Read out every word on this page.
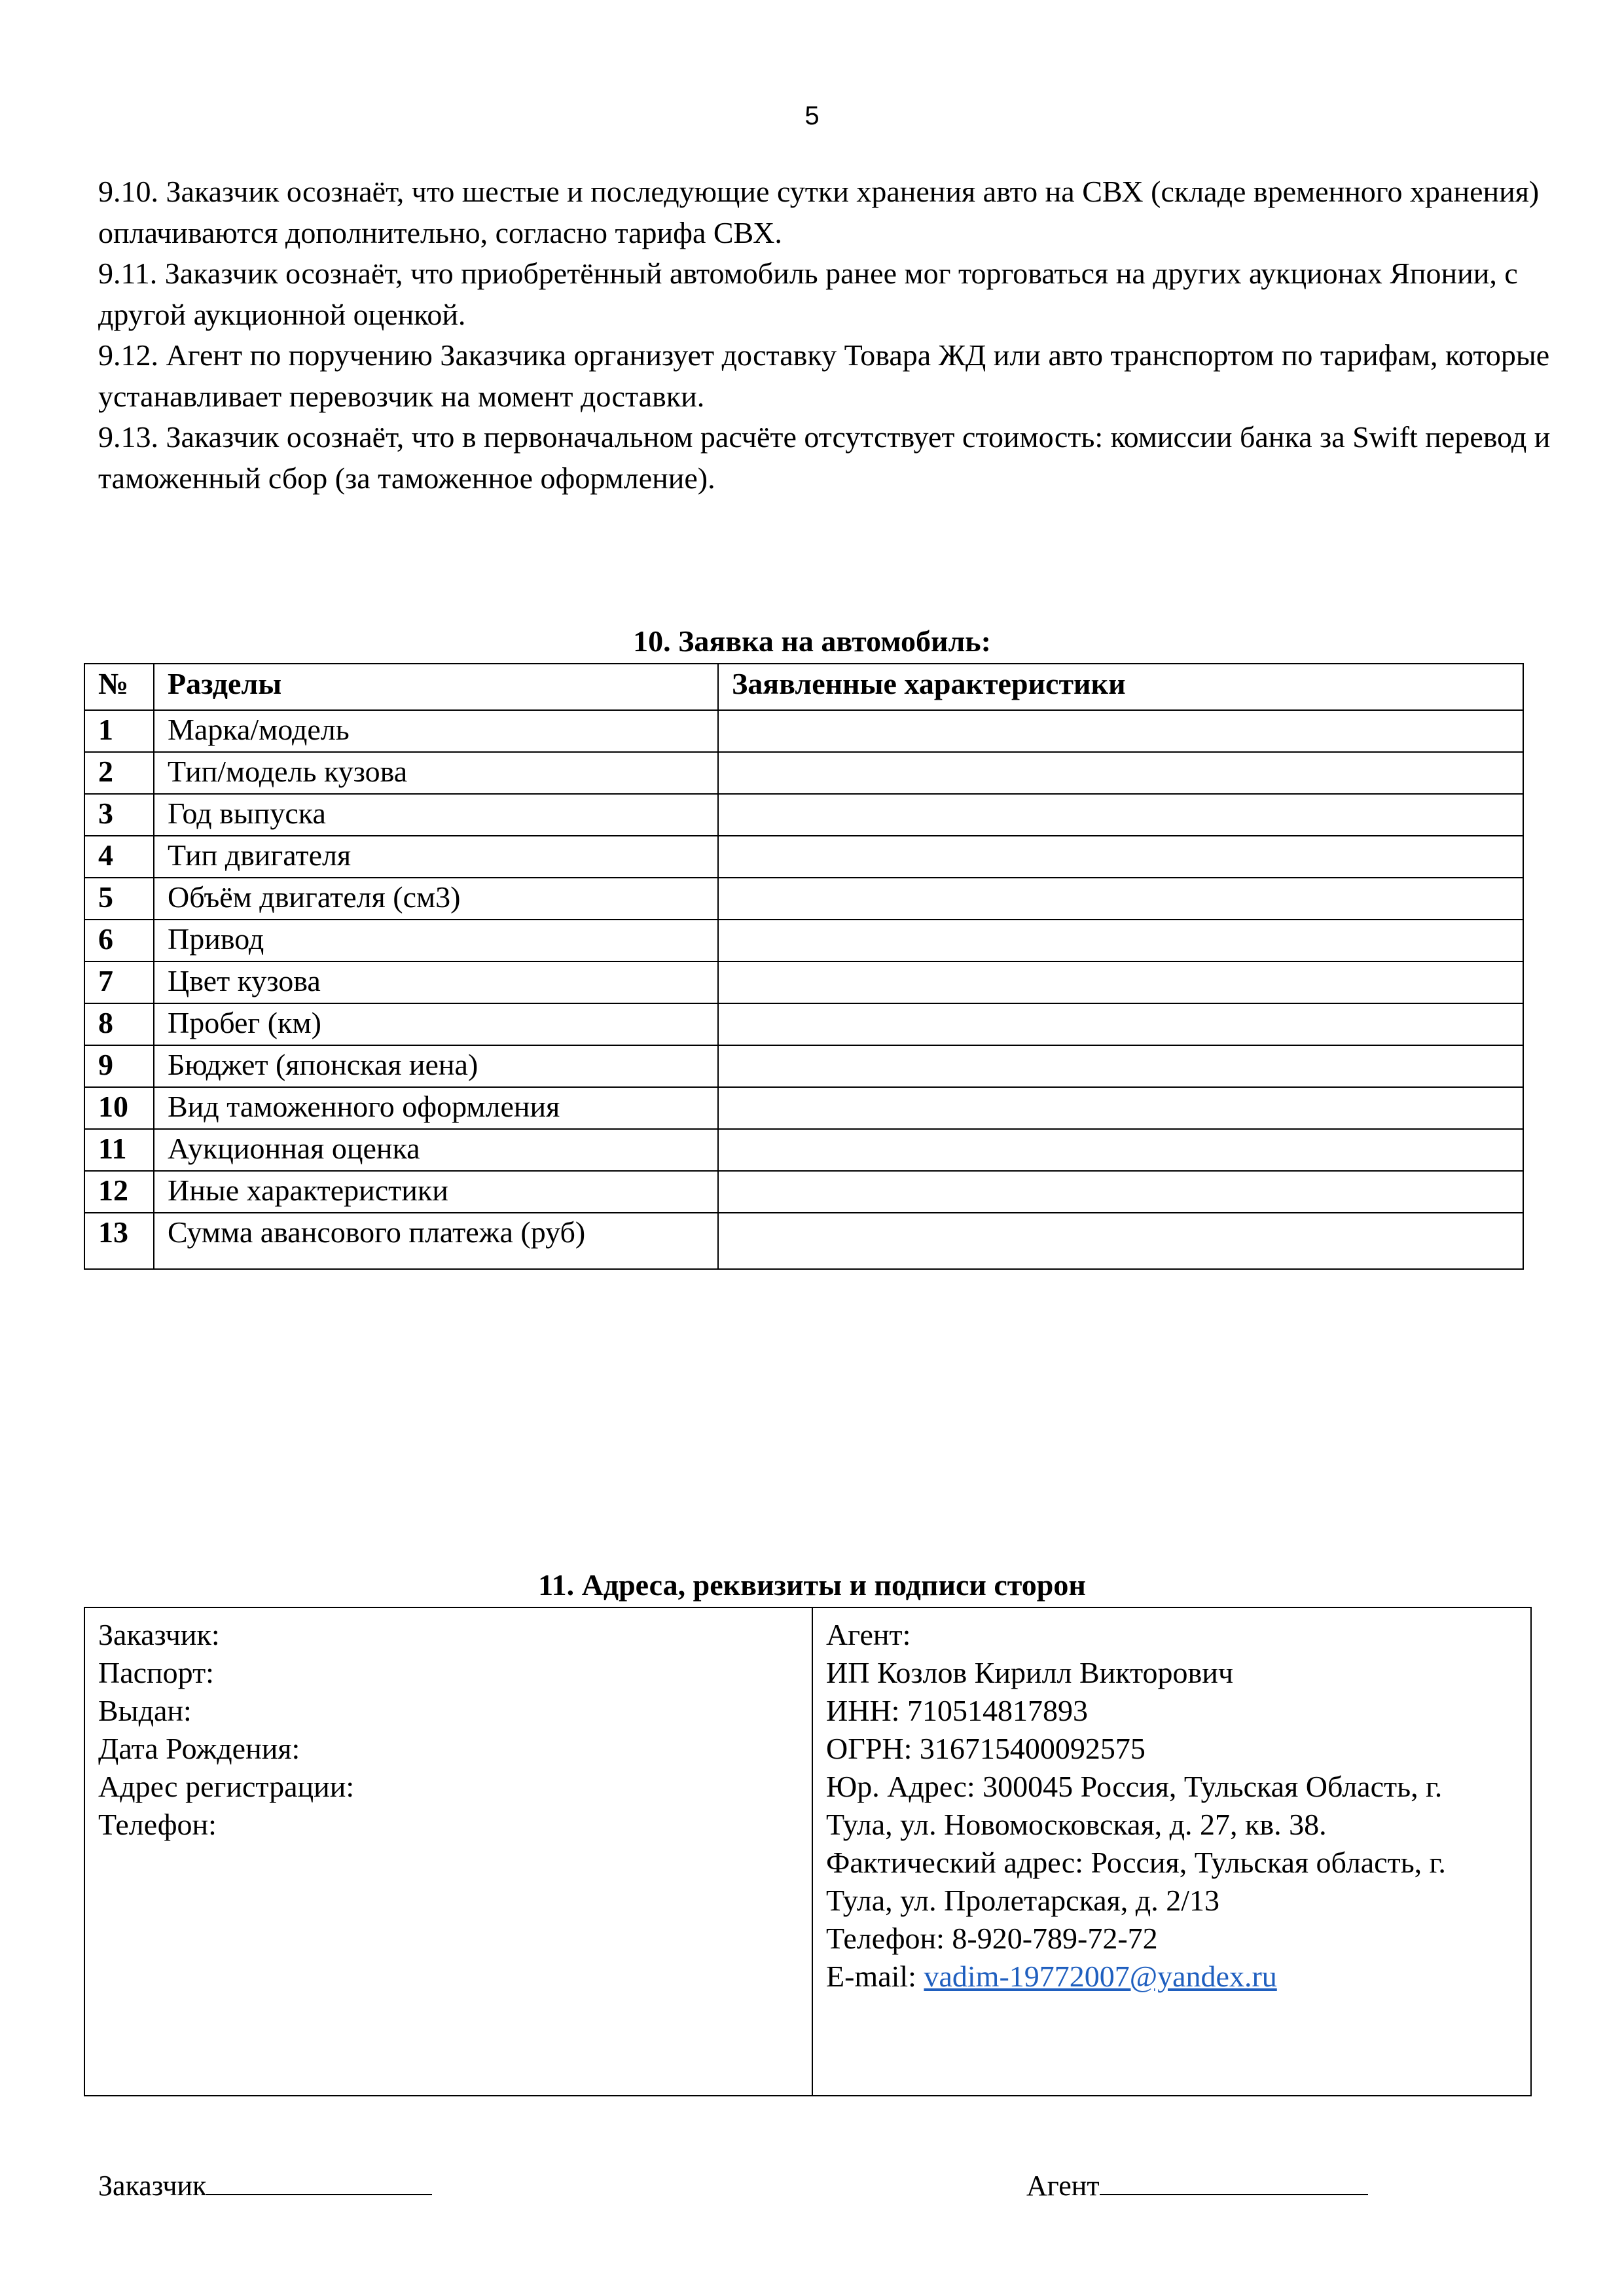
5

9.10. Заказчик осознаёт, что шестые и последующие сутки хранения авто на СВХ (складе временного хранения) оплачиваются дополнительно, согласно тарифа СВХ.

9.11. Заказчик осознаёт, что приобретённый автомобиль ранее мог торговаться на других аукционах Японии, с другой аукционной оценкой.

9.12. Агент по поручению Заказчика организует доставку Товара ЖД или авто транспортом по тарифам, которые устанавливает перевозчик на момент доставки.

9.13. Заказчик осознаёт, что в первоначальном расчёте отсутствует стоимость: комиссии банка за Swift перевод и таможенный сбор (за таможенное оформление).

10. Заявка на автомобиль:
№	Разделы	Заявленные характеристики
1	Марка/модель	
2	Тип/модель кузова	
3	Год выпуска	
4	Тип двигателя	
5	Объём двигателя (см3)	
6	Привод	
7	Цвет кузова	
8	Пробег (км)	
9	Бюджет (японская иена)	
10	Вид таможенного оформления	
11	Аукционная оценка	
12	Иные характеристики	
13	Сумма авансового платежа (руб)	
11. Адреса, реквизиты и подписи сторон
Заказчик:
Паспорт:
Выдан:
Дата Рождения:
Адрес регистрации:
Телефон:

Агент:
ИП Козлов Кирилл Викторович
ИНН: 710514817893
ОГРН: 316715400092575
Юр. Адрес: 300045 Россия, Тульская Область, г.
Тула, ул. Новомосковская, д. 27, кв. 38.
Фактический адрес: Россия, Тульская область, г.
Тула, ул. Пролетарская, д. 2/13
Телефон: 8-920-789-72-72
E-mail: vadim-19772007@yandex.ru
Заказчик	Агент
